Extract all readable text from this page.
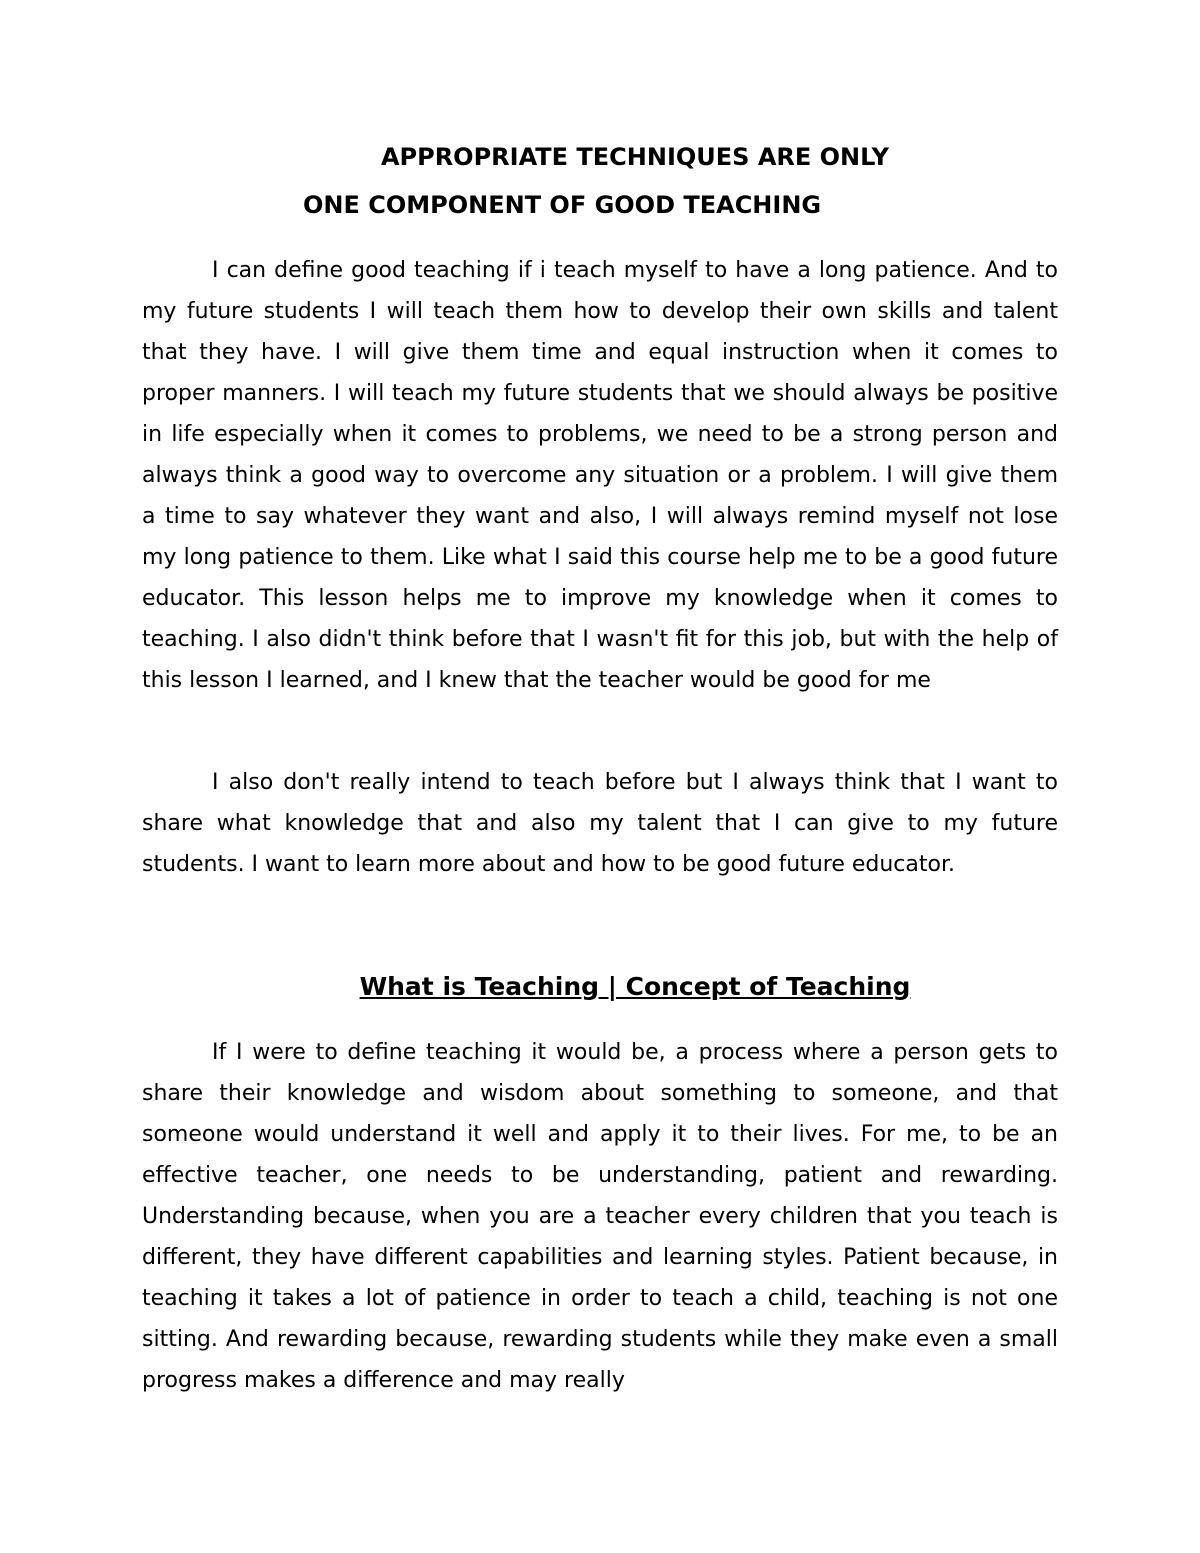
APPROPRIATE TECHNIQUES ARE ONLY
ONE COMPONENT OF GOOD TEACHING

I can define good teaching if i teach myself to have a long patience. And to my future students I will teach them how to develop their own skills and talent that they have. I will give them time and equal instruction when it comes to proper manners. I will teach my future students that we should always be positive in life especially when it comes to problems, we need to be a strong person and always think a good way to overcome any situation or a problem. I will give them a time to say whatever they want and also, I will always remind myself not lose my long patience to them. Like what I said this course help me to be a good future educator. This lesson helps me to improve my knowledge when it comes to teaching. I also didn't think before that I wasn't fit for this job, but with the help of this lesson I learned, and I knew that the teacher would be good for me

I also don't really intend to teach before but I always think that I want to share what knowledge that and also my talent that I can give to my future students. I want to learn more about and how to be good future educator.

What is Teaching | Concept of Teaching

If I were to define teaching it would be, a process where a person gets to share their knowledge and wisdom about something to someone, and that someone would understand it well and apply it to their lives. For me, to be an effective teacher, one needs to be understanding, patient and rewarding. Understanding because, when you are a teacher every children that you teach is different, they have different capabilities and learning styles. Patient because, in teaching it takes a lot of patience in order to teach a child, teaching is not one sitting. And rewarding because, rewarding students while they make even a small progress makes a difference and may really
